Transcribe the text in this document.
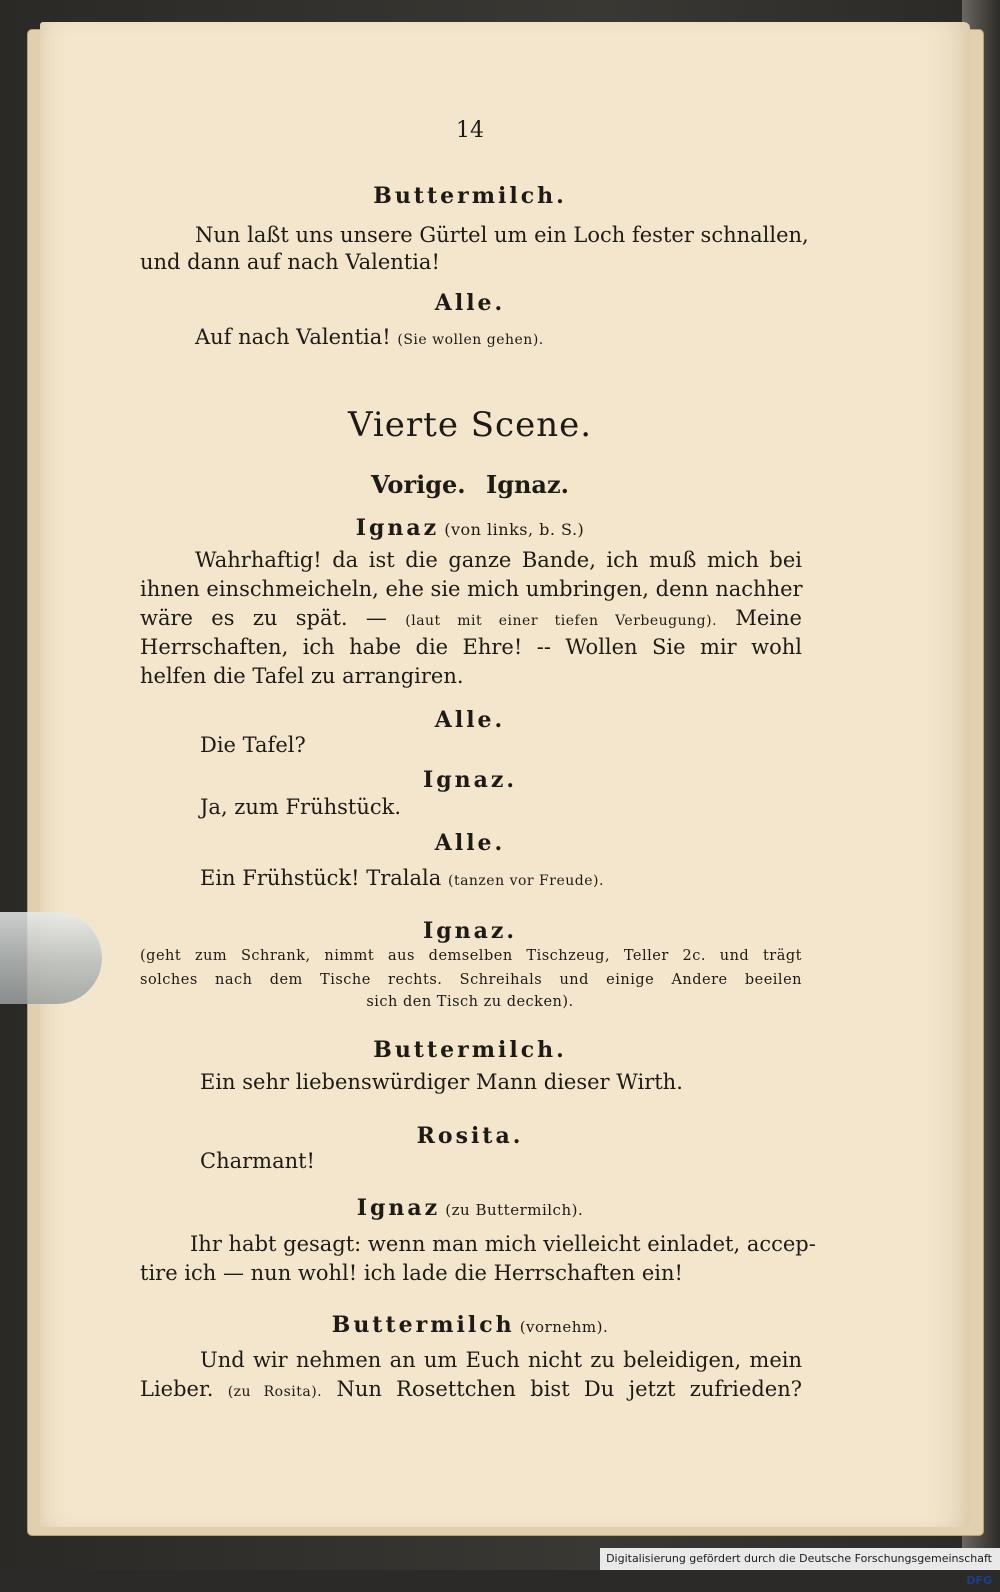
14
Buttermilch.
Nun laßt uns unsere Gürtel um ein Loch fester schnallen,
und dann auf nach Valentia!
Alle.
Auf nach Valentia! (Sie wollen gehen).
Vierte Scene.
Vorige. Ignaz.
Ignaz (von links, b. S.)
Wahrhaftig! da ist die ganze Bande, ich muß mich bei
ihnen einschmeicheln, ehe sie mich umbringen, denn nachher
wäre es zu spät. — (laut mit einer tiefen Verbeugung). Meine
Herrschaften, ich habe die Ehre! -- Wollen Sie mir wohl
helfen die Tafel zu arrangiren.
Alle.
Die Tafel?
Ignaz.
Ja, zum Frühstück.
Alle.
Ein Frühstück! Tralala (tanzen vor Freude).
Ignaz.
(geht zum Schrank, nimmt aus demselben Tischzeug, Teller 2c. und trägt
solches nach dem Tische rechts. Schreihals und einige Andere beeilen
sich den Tisch zu decken).
Buttermilch.
Ein sehr liebenswürdiger Mann dieser Wirth.
Rosita.
Charmant!
Ignaz (zu Buttermilch).
Ihr habt gesagt: wenn man mich vielleicht einladet, accep-
tire ich — nun wohl! ich lade die Herrschaften ein!
Buttermilch (vornehm).
Und wir nehmen an um Euch nicht zu beleidigen, mein
Lieber. (zu Rosita). Nun Rosettchen bist Du jetzt zufrieden?
Digitalisierung gefördert durch die Deutsche Forschungsgemeinschaft - DFG
